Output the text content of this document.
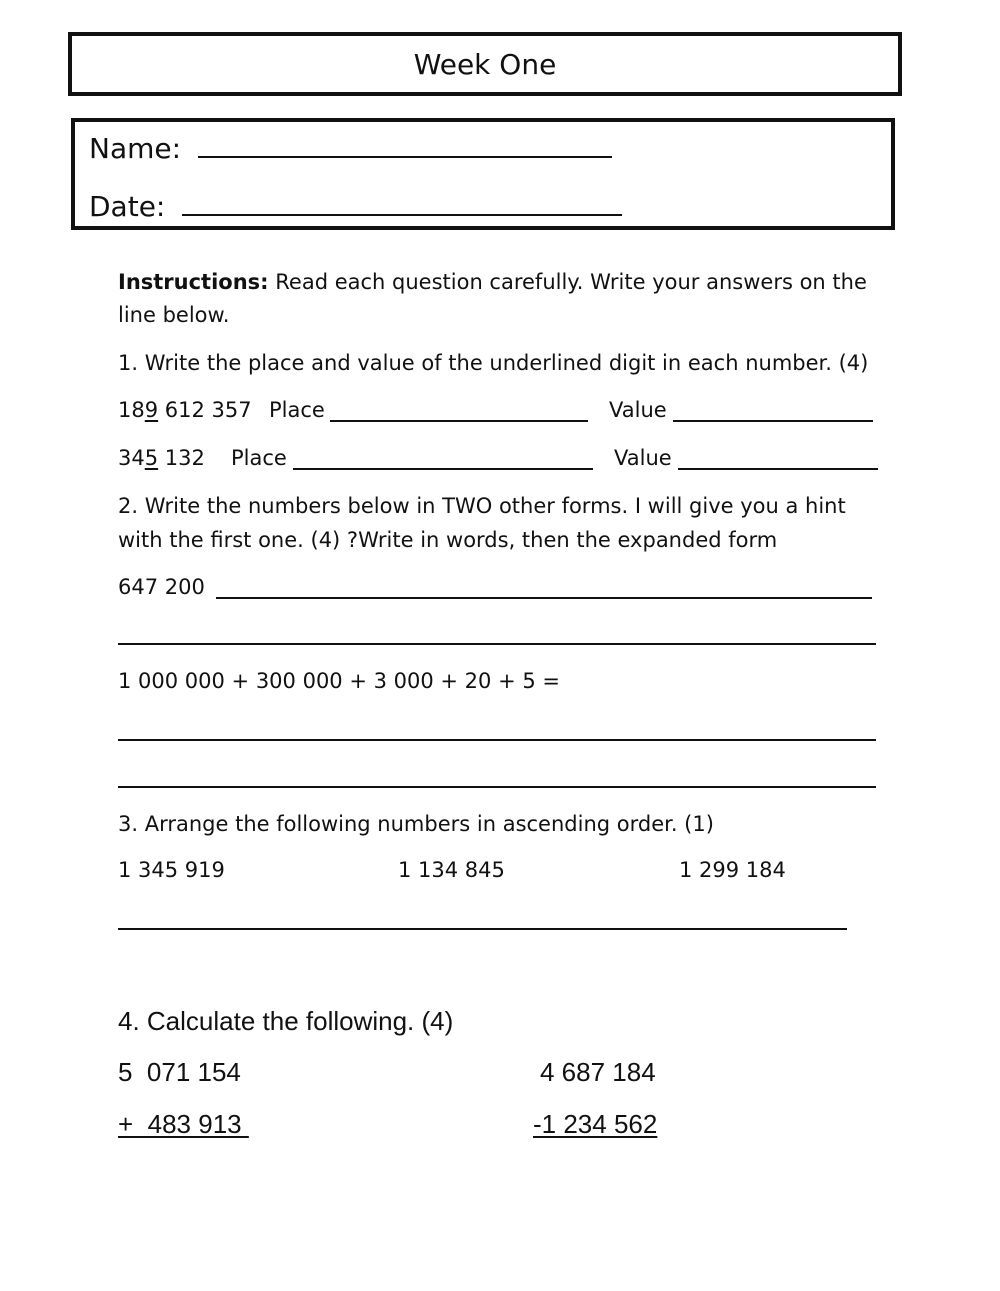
Week One
Name:
Date:
Instructions: Read each question carefully. Write your answers on the
line below.
1. Write the place and value of the underlined digit in each number. (4)
189 612 357 Place	Value
345 132 Place	Value
2. Write the numbers below in TWO other forms. I will give you a hint
with the first one. (4) ?Write in words, then the expanded form
647 200
1 000 000 + 300 000 + 3 000 + 20 + 5 =
3. Arrange the following numbers in ascending order. (1)
1 345 919	1 134 845	1 299 184
4. Calculate the following. (4)
5  071 154
+  483 913
4 687 184
-1 234 562
